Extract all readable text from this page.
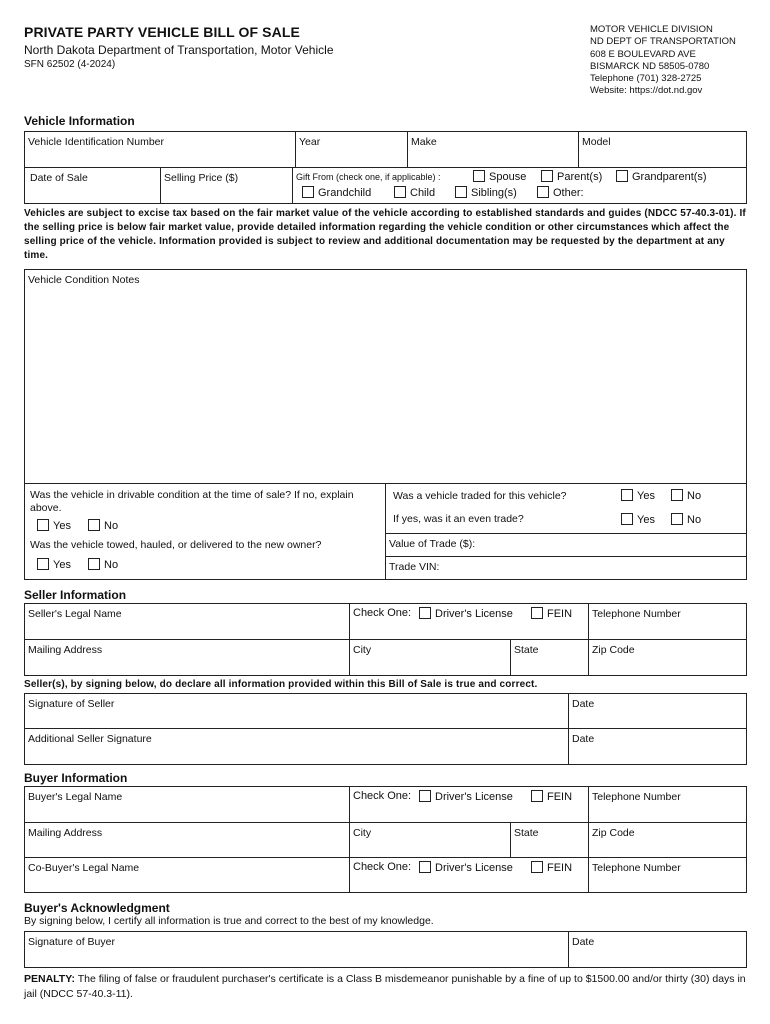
PRIVATE PARTY VEHICLE BILL OF SALE
North Dakota Department of Transportation, Motor Vehicle
SFN 62502 (4-2024)
MOTOR VEHICLE DIVISION
ND DEPT OF TRANSPORTATION
608 E BOULEVARD AVE
BISMARCK ND 58505-0780
Telephone (701) 328-2725
Website: https://dot.nd.gov
Vehicle Information
Vehicle Identification Number	Year	Make	Model
Date of Sale	Selling Price ($)	Gift From (check one, if applicable) :	Spouse	Parent(s)	Grandparent(s)
Grandchild	Child	Sibling(s)	Other:
Vehicles are subject to excise tax based on the fair market value of the vehicle according to established standards and guides (NDCC 57-40.3-01). If the selling price is below fair market value, provide detailed information regarding the vehicle condition or other circumstances which affect the selling price of the vehicle. Information provided is subject to review and additional documentation may be requested by the department at any time.
Vehicle Condition Notes
Was the vehicle in drivable condition at the time of sale? If no, explain above.
Yes	No
Was the vehicle towed, hauled, or delivered to the new owner?
Yes	No
Was a vehicle traded for this vehicle?	Yes	No
If yes, was it an even trade?	Yes	No
Value of Trade ($):
Trade VIN:
Seller Information
Seller's Legal Name	Check One:	Driver's License	FEIN Telephone Number
Mailing Address	City	State	Zip Code
Seller(s), by signing below, do declare all information provided within this Bill of Sale is true and correct.
Signature of Seller	Date
Additional Seller Signature	Date
Buyer Information
Buyer's Legal Name	Check One:	Driver's License	FEIN Telephone Number
Mailing Address	City	State	Zip Code
Co-Buyer's Legal Name	Check One:	Driver's License	FEIN Telephone Number
Buyer's Acknowledgment
By signing below, I certify all information is true and correct to the best of my knowledge.
Signature of Buyer	Date
PENALTY: The filing of false or fraudulent purchaser's certificate is a Class B misdemeanor punishable by a fine of up to $1500.00 and/or thirty (30) days in jail (NDCC 57-40.3-11).
